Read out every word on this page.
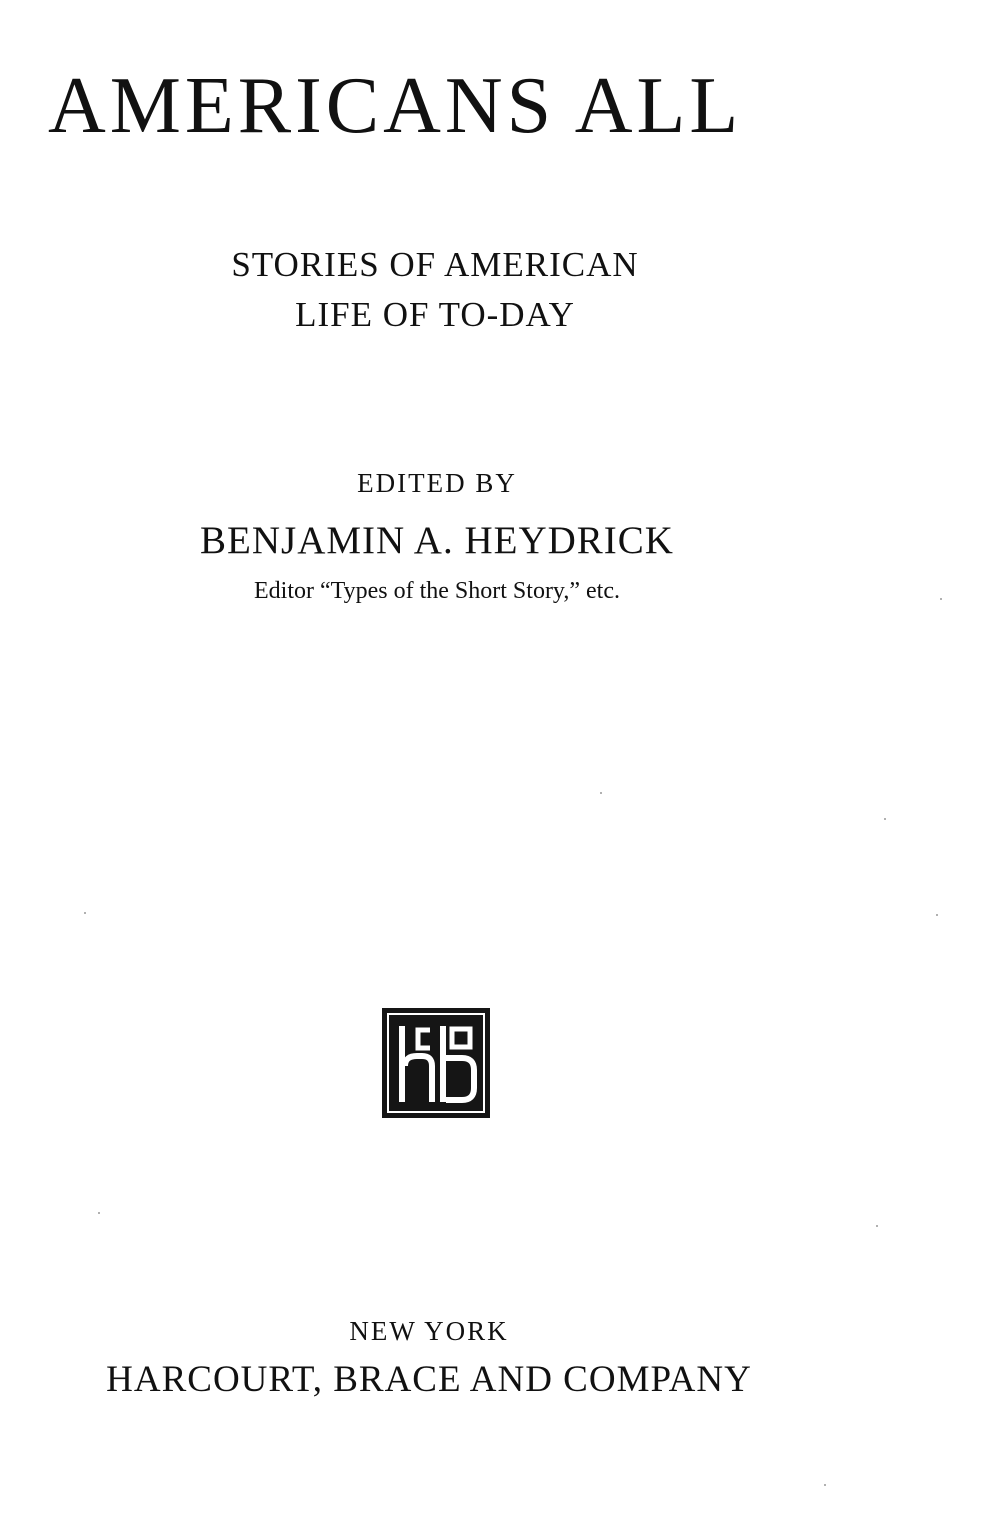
AMERICANS ALL
STORIES OF AMERICAN
LIFE OF TO-DAY
EDITED BY
BENJAMIN A. HEYDRICK
Editor “Types of the Short Story,” etc.
NEW YORK
HARCOURT, BRACE AND COMPANY
